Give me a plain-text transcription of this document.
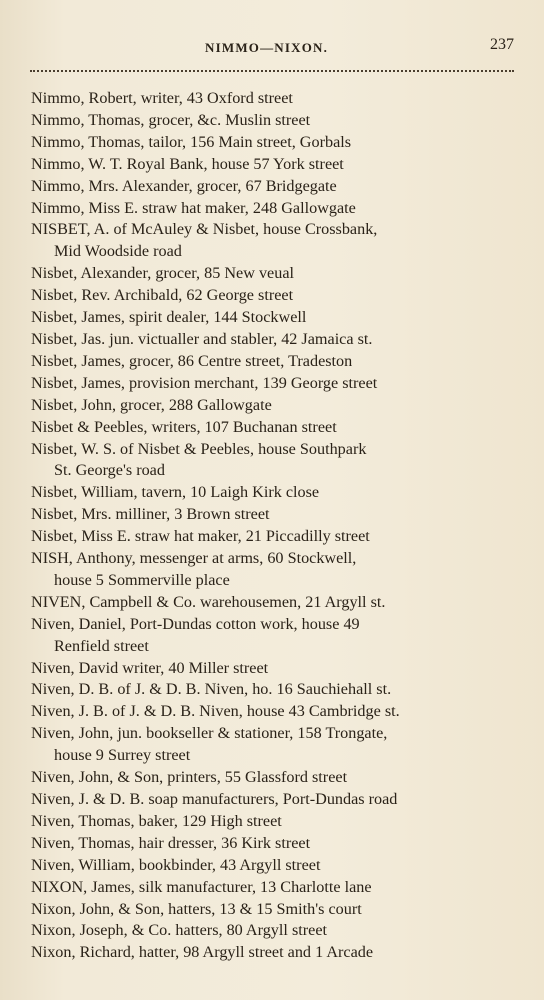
NIMMO—NIXON.	237
Nimmo, Robert, writer, 43 Oxford street
Nimmo, Thomas, grocer, &c. Muslin street
Nimmo, Thomas, tailor, 156 Main street, Gorbals
Nimmo, W. T. Royal Bank, house 57 York street
Nimmo, Mrs. Alexander, grocer, 67 Bridgegate
Nimmo, Miss E. straw hat maker, 248 Gallowgate
NISBET, A. of McAuley & Nisbet, house Crossbank,
Mid Woodside road
Nisbet, Alexander, grocer, 85 New veual
Nisbet, Rev. Archibald, 62 George street
Nisbet, James, spirit dealer, 144 Stockwell
Nisbet, Jas. jun. victualler and stabler, 42 Jamaica st.
Nisbet, James, grocer, 86 Centre street, Tradeston
Nisbet, James, provision merchant, 139 George street
Nisbet, John, grocer, 288 Gallowgate
Nisbet & Peebles, writers, 107 Buchanan street
Nisbet, W. S. of Nisbet & Peebles, house Southpark
St. George's road
Nisbet, William, tavern, 10 Laigh Kirk close
Nisbet, Mrs. milliner, 3 Brown street
Nisbet, Miss E. straw hat maker, 21 Piccadilly street
NISH, Anthony, messenger at arms, 60 Stockwell,
house 5 Sommerville place
NIVEN, Campbell & Co. warehousemen, 21 Argyll st.
Niven, Daniel, Port-Dundas cotton work, house 49
Renfield street
Niven, David writer, 40 Miller street
Niven, D. B. of J. & D. B. Niven, ho. 16 Sauchiehall st.
Niven, J. B. of J. & D. B. Niven, house 43 Cambridge st.
Niven, John, jun. bookseller & stationer, 158 Trongate,
house 9 Surrey street
Niven, John, & Son, printers, 55 Glassford street
Niven, J. & D. B. soap manufacturers, Port-Dundas road
Niven, Thomas, baker, 129 High street
Niven, Thomas, hair dresser, 36 Kirk street
Niven, William, bookbinder, 43 Argyll street
NIXON, James, silk manufacturer, 13 Charlotte lane
Nixon, John, & Son, hatters, 13 & 15 Smith's court
Nixon, Joseph, & Co. hatters, 80 Argyll street
Nixon, Richard, hatter, 98 Argyll street and 1 Arcade
